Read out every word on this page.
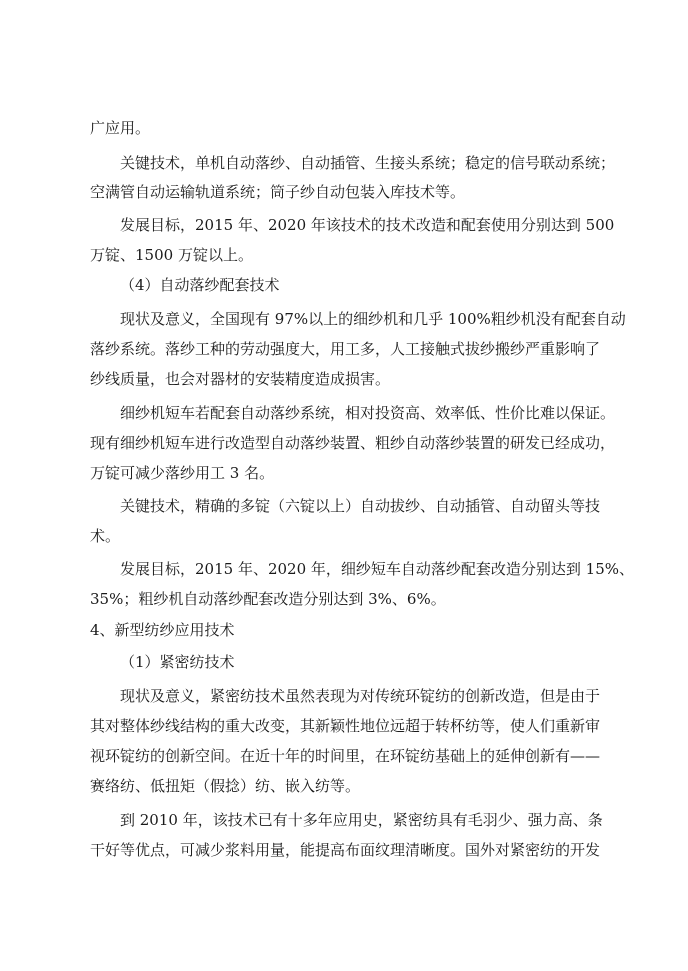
广应用。
关键技术，单机自动落纱、自动插管、生接头系统；稳定的信号联动系统；
空满管自动运输轨道系统；筒子纱自动包装入库技术等。
发展目标，2015 年、2020 年该技术的技术改造和配套使用分别达到 500
万锭、1500 万锭以上。
（4）自动落纱配套技术
现状及意义，全国现有 97%以上的细纱机和几乎 100%粗纱机没有配套自动
落纱系统。落纱工种的劳动强度大，用工多，人工接触式拔纱搬纱严重影响了
纱线质量，也会对器材的安装精度造成损害。
细纱机短车若配套自动落纱系统，相对投资高、效率低、性价比难以保证。
现有细纱机短车进行改造型自动落纱装置、粗纱自动落纱装置的研发已经成功，
万锭可减少落纱用工 3 名。
关键技术，精确的多锭（六锭以上）自动拔纱、自动插管、自动留头等技
术。
发展目标，2015 年、2020 年，细纱短车自动落纱配套改造分别达到 15%、
35%；粗纱机自动落纱配套改造分别达到 3%、6%。
4、新型纺纱应用技术
（1）紧密纺技术
现状及意义，紧密纺技术虽然表现为对传统环锭纺的创新改造，但是由于
其对整体纱线结构的重大改变，其新颖性地位远超于转杯纺等，使人们重新审
视环锭纺的创新空间。在近十年的时间里，在环锭纺基础上的延伸创新有——
赛络纺、低扭矩（假捻）纺、嵌入纺等。
到 2010 年，该技术已有十多年应用史，紧密纺具有毛羽少、强力高、条
干好等优点，可减少浆料用量，能提高布面纹理清晰度。国外对紧密纺的开发
